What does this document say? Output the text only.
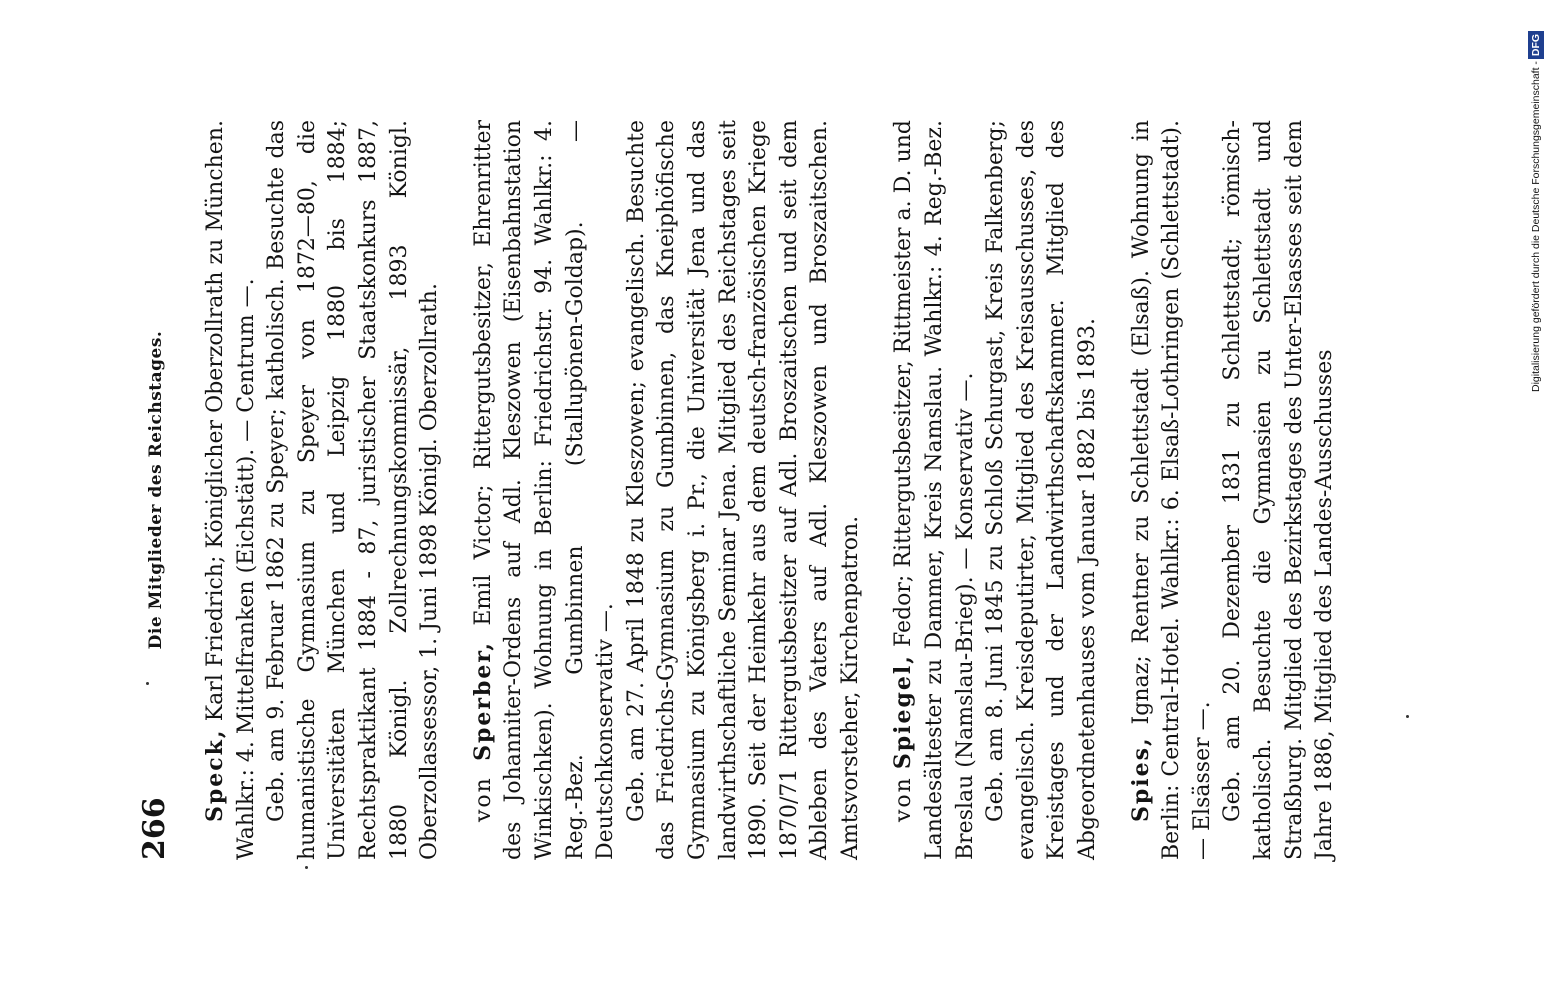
266
Die Mitglieder des Reichstages.

Speck, Karl Friedrich; Königlicher Oberzollrath zu München. Wahlkr.: 4. Mittelfranken (Eichstätt). — Centrum —. Geb. am 9. Februar 1862 zu Speyer; katholisch. Besuchte das humanistische Gymnasium zu Speyer von 1872—80, die Universitäten München und Leipzig 1880 bis 1884; Rechtspraktikant 1884 - 87, juristischer Staatskonkurs 1887, 1880 Königl. Zollrechnungskommissär, 1893 Königl. Oberzollassessor, 1. Juni 1898 Königl. Oberzollrath. von Sperber, Emil Victor; Rittergutsbesitzer, Ehrenritter des Johanniter-Ordens auf Adl. Kleszowen (Eisenbahnstation Winkischken). Wohnung in Berlin: Friedrichstr. 94. Wahlkr.: 4. Reg.-Bez. Gumbinnen (Stallupönen-Goldap). — Deutschkonservativ —. Geb. am 27. April 1848 zu Kleszowen; evangelisch. Besuchte das Friedrichs-Gymnasium zu Gumbinnen, das Kneiphöfische Gymnasium zu Königsberg i. Pr., die Universität Jena und das landwirthschaftliche Seminar Jena. Mitglied des Reichstages seit 1890. Seit der Heimkehr aus dem deutsch-französischen Kriege 1870/71 Rittergutsbesitzer auf Adl. Broszaitschen und seit dem Ableben des Vaters auf Adl. Kleszowen und Broszaitschen. Amtsvorsteher, Kirchenpatron. von Spiegel, Fedor; Rittergutsbesitzer, Rittmeister a. D. und Landesältester zu Dammer, Kreis Namslau. Wahlkr.: 4. Reg.-Bez. Breslau (Namslau-Brieg). — Konservativ —. Geb. am 8. Juni 1845 zu Schloß Schurgast, Kreis Falkenberg; evangelisch. Kreisdeputirter, Mitglied des Kreisausschusses, des Kreistages und der Landwirthschaftskammer. Mitglied des Abgeordnetenhauses vom Januar 1882 bis 1893. Spies, Ignaz; Rentner zu Schlettstadt (Elsaß). Wohnung in Berlin: Central-Hotel. Wahlkr.: 6. Elsaß-Lothringen (Schlettstadt). — Elsässer —. Geb. am 20. Dezember 1831 zu Schlettstadt; römisch-katholisch. Besuchte die Gymnasien zu Schlettstadt und Straßburg. Mitglied des Bezirkstages des Unter-Elsasses seit dem Jahre 1886, Mitglied des Landes-Ausschusses

Digitalisierung gefördert durch die Deutsche Forschungsgemeinschaft -DFG
